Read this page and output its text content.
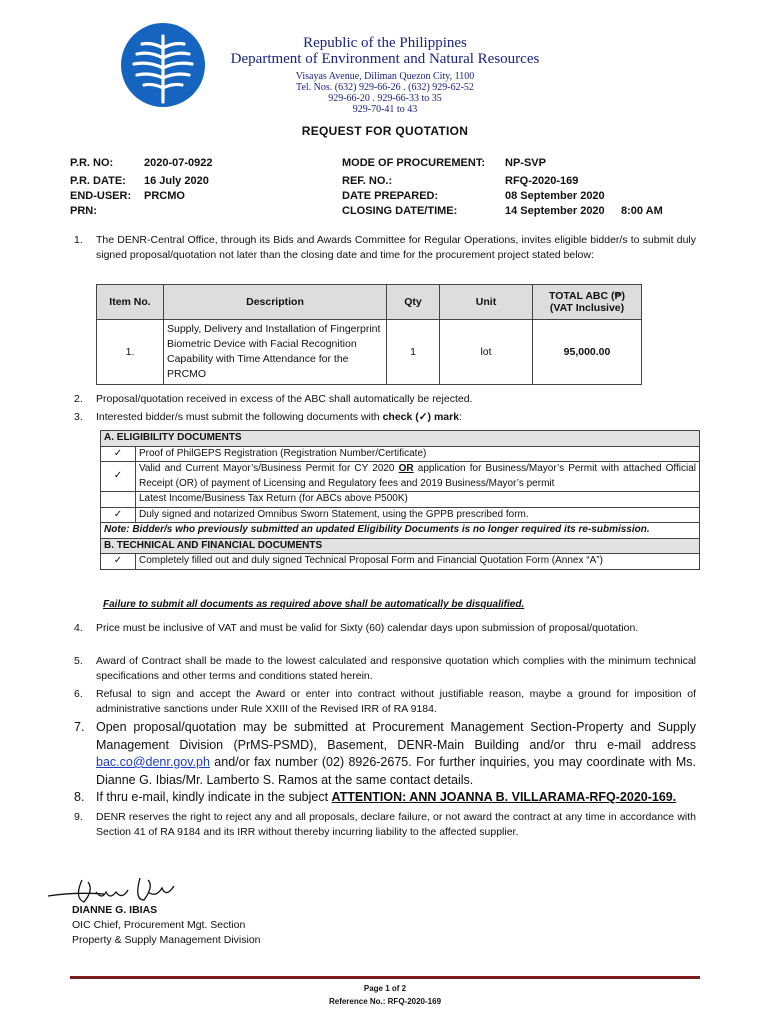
Republic of the Philippines
Department of Environment and Natural Resources
Visayas Avenue, Diliman Quezon City, 1100
Tel. Nos. (632) 929-66-26 . (632) 929-62-52
929-66-20 . 929-66-33 to 35
929-70-41 to 43
REQUEST FOR QUOTATION
P.R. NO:	2020-07-0922
P.R. DATE: 16 July 2020
END-USER: PRCMO
PRN:
MODE OF PROCUREMENT: NP-SVP
REF. NO.:	RFQ-2020-169
DATE PREPARED:	08 September 2020
CLOSING DATE/TIME:	14 September 2020 8:00 AM
1. The DENR-Central Office, through its Bids and Awards Committee for Regular Operations, invites eligible bidder/s to submit duly signed proposal/quotation not later than the closing date and time for the procurement project stated below:
Item No.	Description	Qty	Unit	TOTAL ABC (₱)
(VAT Inclusive)

1.	Supply, Delivery and Installation of Fingerprint Biometric Device with Facial Recognition Capability with Time Attendance for the PRCMO	1	lot	95,000.00
2. Proposal/quotation received in excess of the ABC shall automatically be rejected.
3. Interested bidder/s must submit the following documents with check (✓) mark:
A. ELIGIBILITY DOCUMENTS	
✓	Proof of PhilGEPS Registration (Registration Number/Certificate)
✓	Valid and Current Mayor’s/Business Permit for CY 2020 OR application for Business/Mayor’s Permit with attached Official Receipt (OR) of payment of Licensing and Regulatory fees and 2019 Business/Mayor’s permit
	Latest Income/Business Tax Return (for ABCs above P500K)
✓	Duly signed and notarized Omnibus Sworn Statement, using the GPPB prescribed form.
Note: Bidder/s who previously submitted an updated Eligibility Documents is no longer required its re-submission.	
B. TECHNICAL AND FINANCIAL DOCUMENTS	
✓	Completely filled out and duly signed Technical Proposal Form and Financial Quotation Form (Annex “A”)
Failure to submit all documents as required above shall be automatically be disqualified.
4. Price must be inclusive of VAT and must be valid for Sixty (60) calendar days upon submission of proposal/quotation.
5. Award of Contract shall be made to the lowest calculated and responsive quotation which complies with the minimum technical specifications and other terms and conditions stated herein.
6. Refusal to sign and accept the Award or enter into contract without justifiable reason, maybe a ground for imposition of administrative sanctions under Rule XXIII of the Revised IRR of RA 9184.
7. Open proposal/quotation may be submitted at Procurement Management Section-Property and Supply Management Division (PrMS-PSMD), Basement, DENR-Main Building and/or thru e-mail address bac.co@denr.gov.ph and/or fax number (02) 8926-2675. For further inquiries, you may coordinate with Ms. Dianne G. Ibias/Mr. Lamberto S. Ramos at the same contact details.
8. If thru e-mail, kindly indicate in the subject ATTENTION: ANN JOANNA B. VILLARAMA-RFQ-2020-169.
9. DENR reserves the right to reject any and all proposals, declare failure, or not award the contract at any time in accordance with Section 41 of RA 9184 and its IRR without thereby incurring liability to the affected supplier.
DIANNE G. IBIAS
OIC Chief, Procurement Mgt. Section
Property & Supply Management Division
Page 1 of 2
Reference No.: RFQ-2020-169
